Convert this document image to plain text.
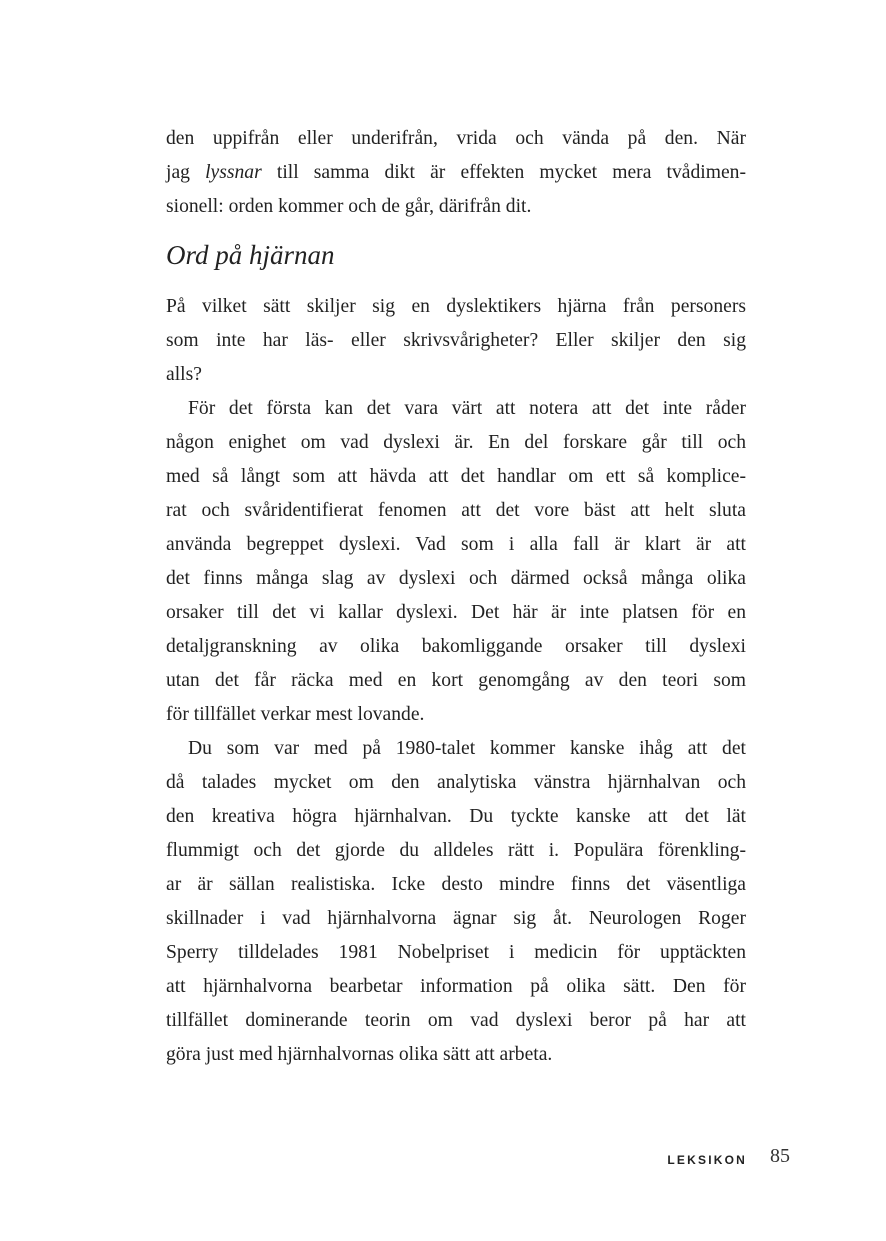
den uppifrån eller underifrån, vrida och vända på den. När
jag lyssnar till samma dikt är effekten mycket mera tvådimen-
sionell: orden kommer och de går, därifrån dit.
Ord på hjärnan
På vilket sätt skiljer sig en dyslektikers hjärna från personers
som inte har läs- eller skrivsvårigheter? Eller skiljer den sig
alls?
För det första kan det vara värt att notera att det inte råder
någon enighet om vad dyslexi är. En del forskare går till och
med så långt som att hävda att det handlar om ett så komplice-
rat och svåridentifierat fenomen att det vore bäst att helt sluta
använda begreppet dyslexi. Vad som i alla fall är klart är att
det finns många slag av dyslexi och därmed också många olika
orsaker till det vi kallar dyslexi. Det här är inte platsen för en
detaljgranskning av olika bakomliggande orsaker till dyslexi
utan det får räcka med en kort genomgång av den teori som
för tillfället verkar mest lovande.
Du som var med på 1980-talet kommer kanske ihåg att det
då talades mycket om den analytiska vänstra hjärnhalvan och
den kreativa högra hjärnhalvan. Du tyckte kanske att det lät
flummigt och det gjorde du alldeles rätt i. Populära förenkling-
ar är sällan realistiska. Icke desto mindre finns det väsentliga
skillnader i vad hjärnhalvorna ägnar sig åt. Neurologen Roger
Sperry tilldelades 1981 Nobelpriset i medicin för upptäckten
att hjärnhalvorna bearbetar information på olika sätt. Den för
tillfället dominerande teorin om vad dyslexi beror på har att
göra just med hjärnhalvornas olika sätt att arbeta.
LEKSIKON 85
